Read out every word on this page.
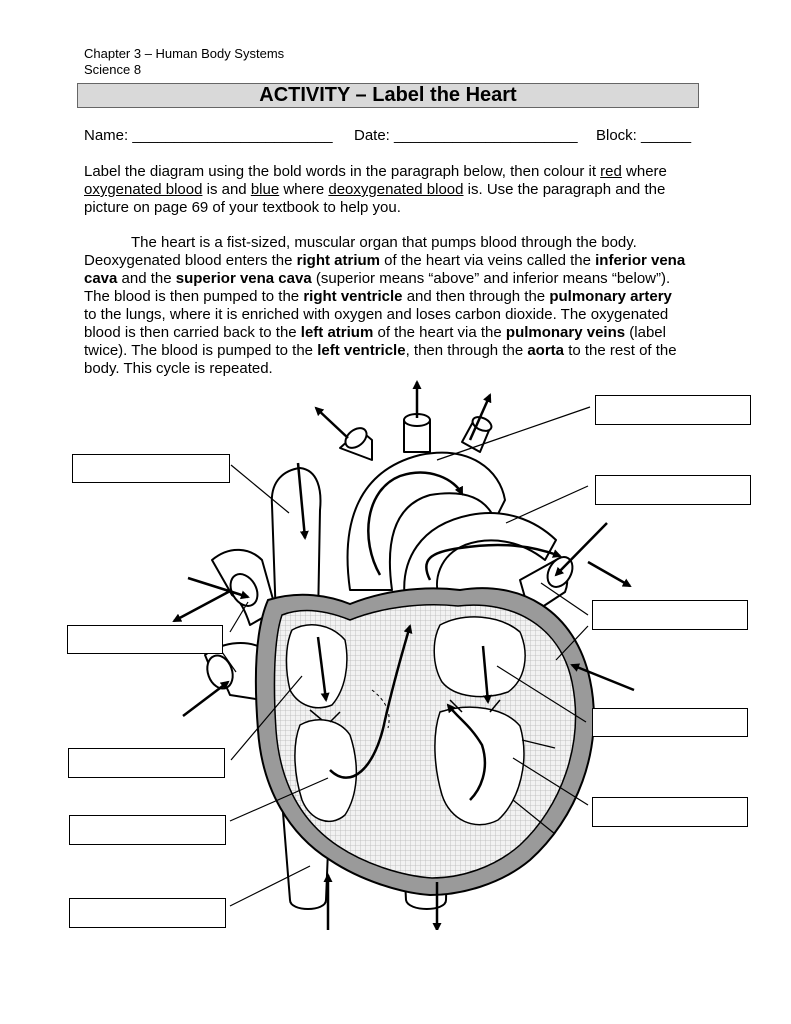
Chapter 3 – Human Body Systems
Science 8
ACTIVITY – Label the Heart
Name: ________________________ Date: ______________________ Block: ______
Label the diagram using the bold words in the paragraph below, then colour it red where
oxygenated blood is and blue where deoxygenated blood is. Use the paragraph and the
picture on page 69 of your textbook to help you.
The heart is a fist-sized, muscular organ that pumps blood through the body.
Deoxygenated blood enters the right atrium of the heart via veins called the inferior vena
cava and the superior vena cava (superior means “above” and inferior means “below”).
The blood is then pumped to the right ventricle and then through the pulmonary artery
to the lungs, where it is enriched with oxygen and loses carbon dioxide. The oxygenated
blood is then carried back to the left atrium of the heart via the pulmonary veins (label
twice). The blood is pumped to the left ventricle, then through the aorta to the rest of the
body. This cycle is repeated.
